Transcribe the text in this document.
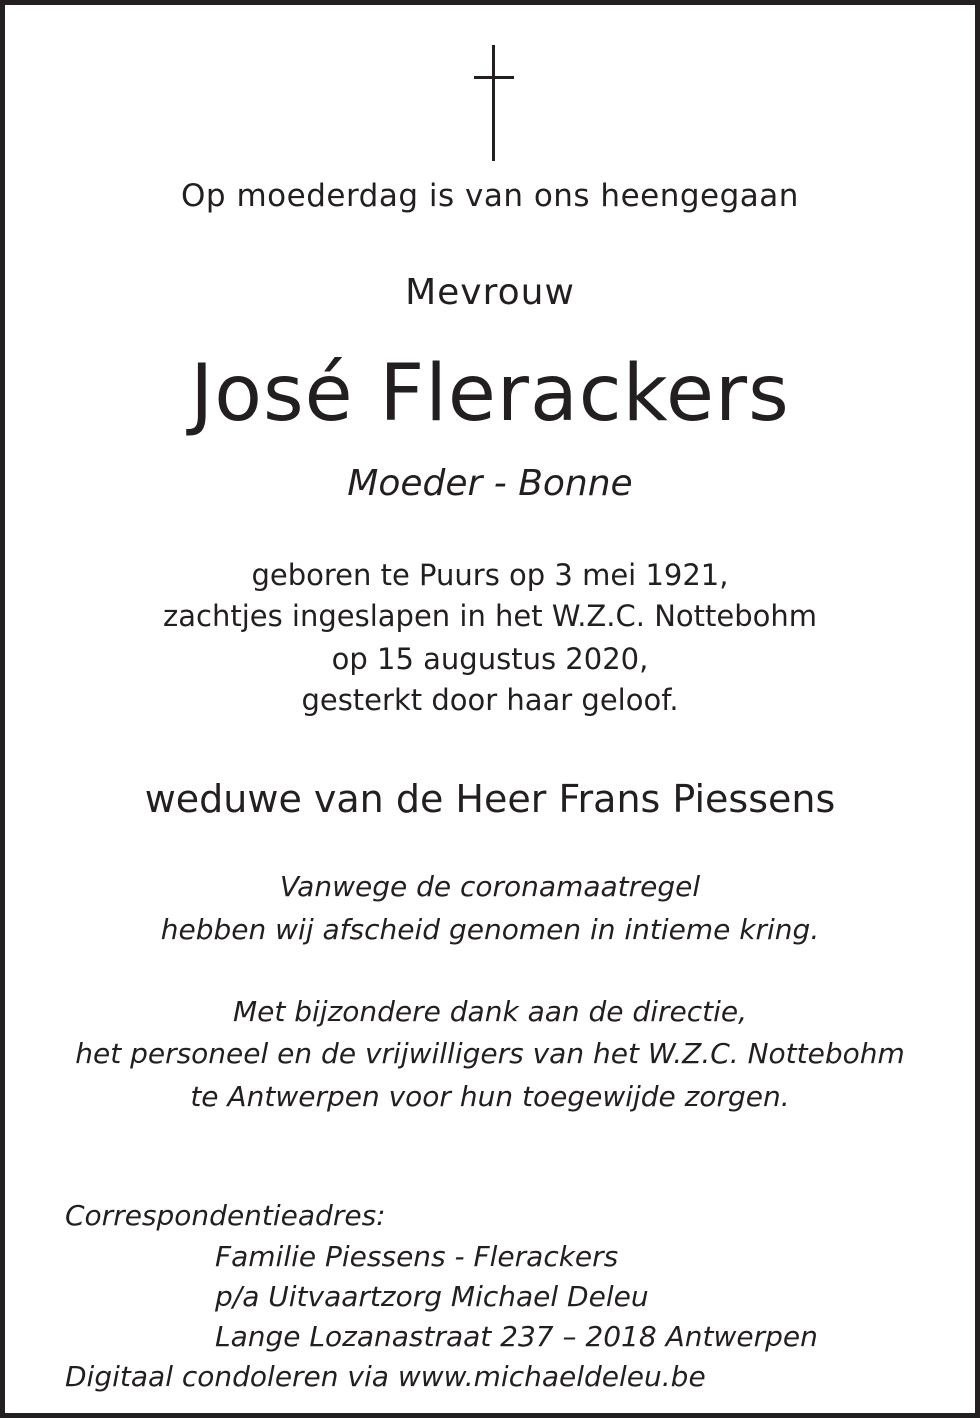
Op moederdag is van ons heengegaan
Mevrouw
José Flerackers
Moeder - Bonne
geboren te Puurs op 3 mei 1921,
zachtjes ingeslapen in het W.Z.C. Nottebohm
op 15 augustus 2020,
gesterkt door haar geloof.
weduwe van de Heer Frans Piessens
Vanwege de coronamaatregel
hebben wij afscheid genomen in intieme kring.
Met bijzondere dank aan de directie,
het personeel en de vrijwilligers van het W.Z.C. Nottebohm
te Antwerpen voor hun toegewijde zorgen.
Correspondentieadres:
Familie Piessens - Flerackers
p/a Uitvaartzorg Michael Deleu
Lange Lozanastraat 237 – 2018 Antwerpen
Digitaal condoleren via www.michaeldeleu.be
